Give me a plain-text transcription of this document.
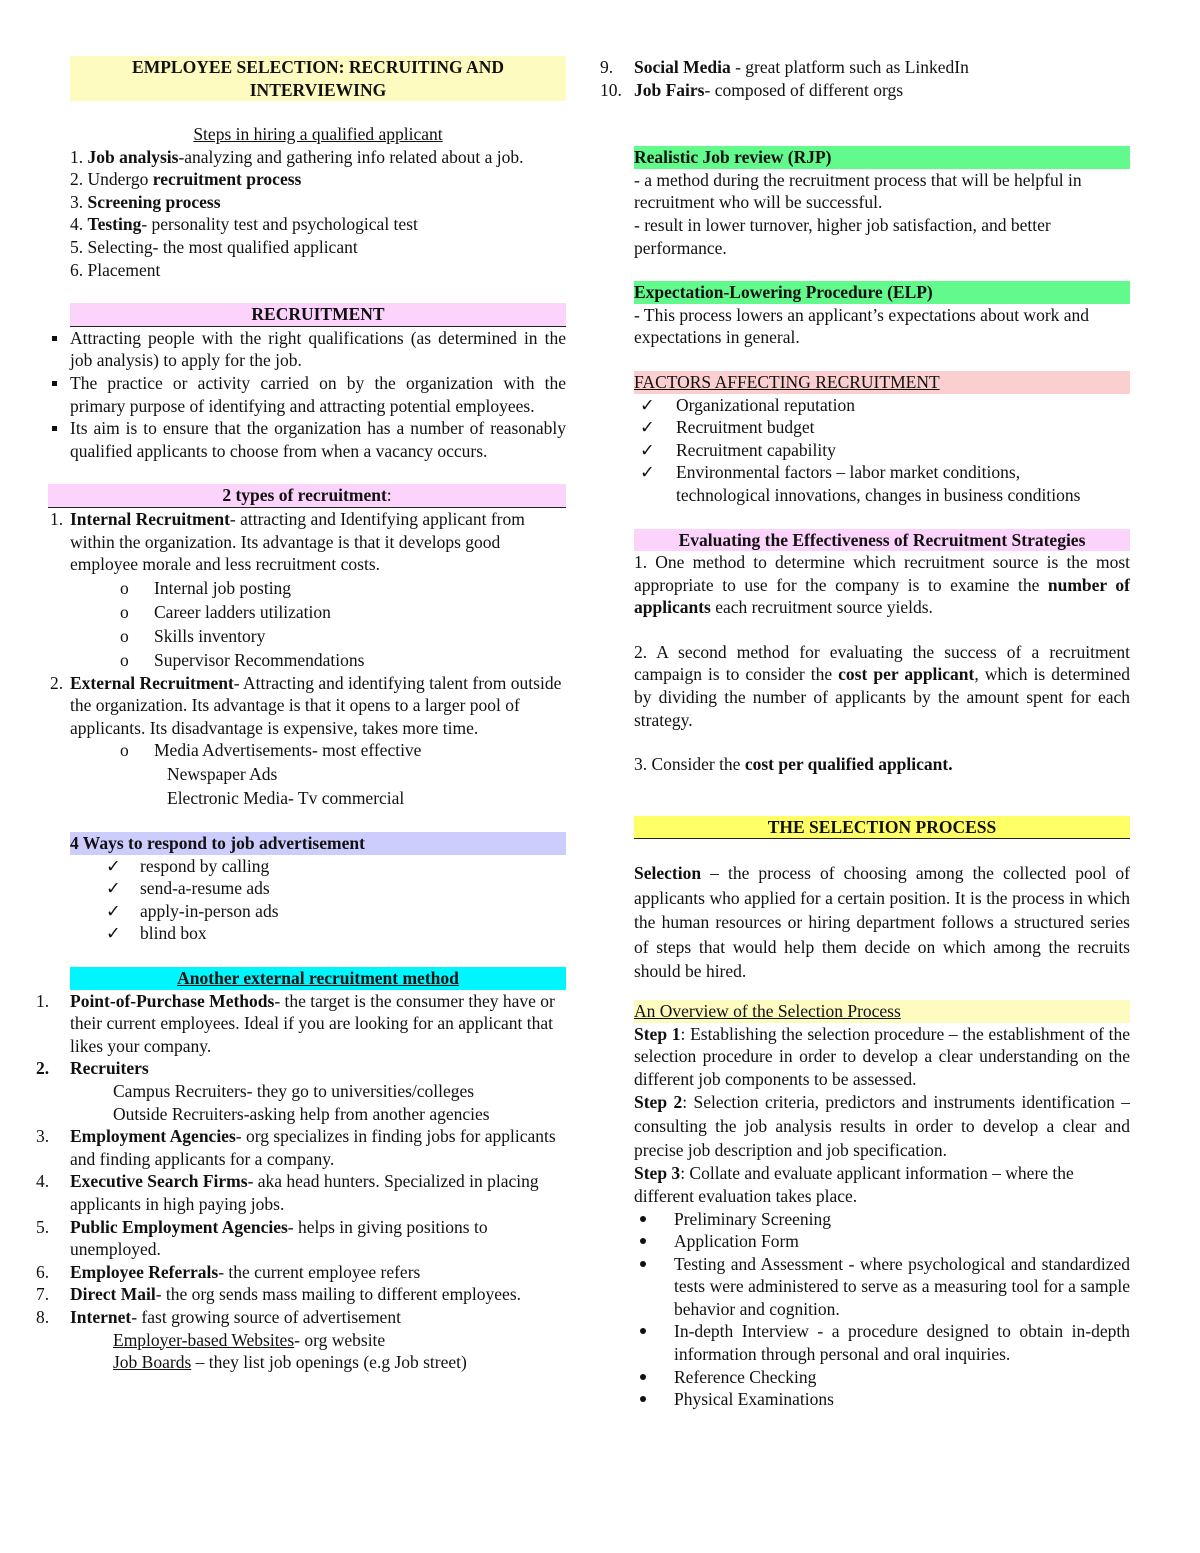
EMPLOYEE SELECTION: RECRUITING AND INTERVIEWING

Steps in hiring a qualified applicant

1. Job analysis-analyzing and gathering info related about a job.

2. Undergo recruitment process

3. Screening process

4. Testing- personality test and psychological test

5. Selecting- the most qualified applicant

6. Placement

RECRUITMENT
Attracting people with the right qualifications (as determined in the job analysis) to apply for the job.
The practice or activity carried on by the organization with the primary purpose of identifying and attracting potential employees.
Its aim is to ensure that the organization has a number of reasonably qualified applicants to choose from when a vacancy occurs.
2 types of recruitment:
1. Internal Recruitment- attracting and Identifying applicant from within the organization. Its advantage is that it develops good employee morale and less recruitment costs.
o Internal job posting
o Career ladders utilization
o Skills inventory
o Supervisor Recommendations
2. External Recruitment- Attracting and identifying talent from outside the organization. Its advantage is that it opens to a larger pool of applicants. Its disadvantage is expensive, takes more time.
o Media Advertisements- most effective
Newspaper Ads
Electronic Media- Tv commercial
4 Ways to respond to job advertisement
✓ respond by calling
✓ send-a-resume ads
✓ apply-in-person ads
✓ blind box
Another external recruitment method
1. Point-of-Purchase Methods- the target is the consumer they have or their current employees. Ideal if you are looking for an applicant that likes your company.
2. Recruiters
Campus Recruiters- they go to universities/colleges
Outside Recruiters-asking help from another agencies
3. Employment Agencies- org specializes in finding jobs for applicants and finding applicants for a company.
4. Executive Search Firms- aka head hunters. Specialized in placing applicants in high paying jobs.
5. Public Employment Agencies- helps in giving positions to unemployed.
6. Employee Referrals- the current employee refers
7. Direct Mail- the org sends mass mailing to different employees.
8. Internet- fast growing source of advertisement
Employer-based Websites- org website
Job Boards – they list job openings (e.g Job street)
9. Social Media - great platform such as LinkedIn
10. Job Fairs- composed of different orgs
Realistic Job review (RJP)

- a method during the recruitment process that will be helpful in recruitment who will be successful.

- result in lower turnover, higher job satisfaction, and better performance.

Expectation-Lowering Procedure (ELP)

- This process lowers an applicant’s expectations about work and expectations in general.

FACTORS AFFECTING RECRUITMENT
✓ Organizational reputation
✓ Recruitment budget
✓ Recruitment capability
✓ Environmental factors – labor market conditions, technological innovations, changes in business conditions
Evaluating the Effectiveness of Recruitment Strategies

1. One method to determine which recruitment source is the most appropriate to use for the company is to examine the number of applicants each recruitment source yields.

2. A second method for evaluating the success of a recruitment campaign is to consider the cost per applicant, which is determined by dividing the number of applicants by the amount spent for each strategy.

3. Consider the cost per qualified applicant.

THE SELECTION PROCESS

Selection – the process of choosing among the collected pool of applicants who applied for a certain position. It is the process in which the human resources or hiring department follows a structured series of steps that would help them decide on which among the recruits should be hired.

An Overview of the Selection Process

Step 1: Establishing the selection procedure – the establishment of the selection procedure in order to develop a clear understanding on the different job components to be assessed.

Step 2: Selection criteria, predictors and instruments identification – consulting the job analysis results in order to develop a clear and precise job description and job specification.

Step 3: Collate and evaluate applicant information – where the different evaluation takes place.

Preliminary Screening
Application Form
Testing and Assessment - where psychological and standardized tests were administered to serve as a measuring tool for a sample behavior and cognition.
In-depth Interview - a procedure designed to obtain in-depth information through personal and oral inquiries.
Reference Checking
Physical Examinations
